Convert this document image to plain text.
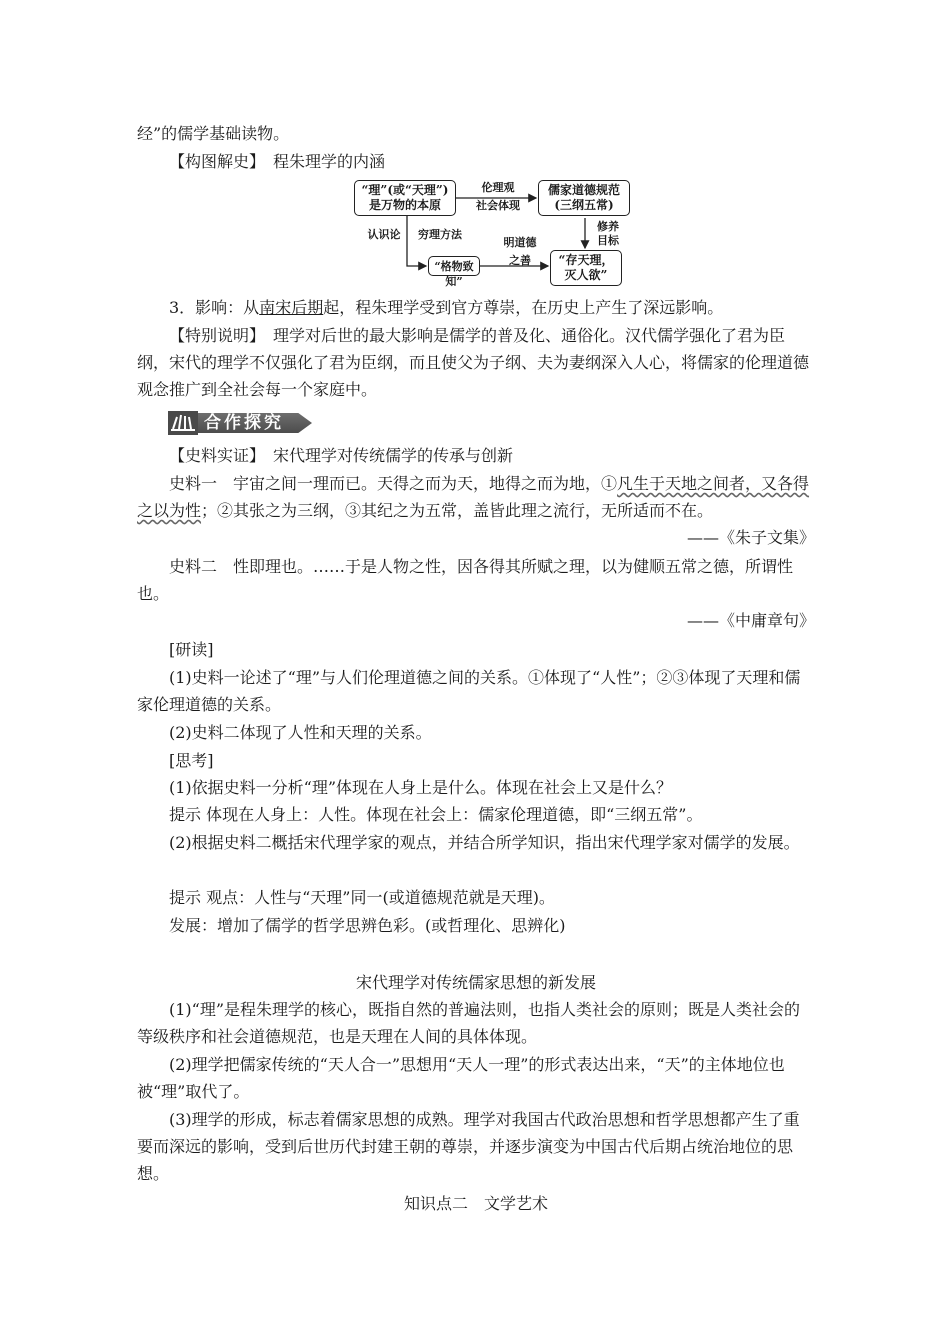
经”的儒学基础读物。

【构图解史】　程朱理学的内涵

“理”(或“天理”)
是万物的本原
儒家道德规范
(三纲五常)
“格物致知”
“存天理，
灭人欲”
伦理观
社会体现
认识论	穷理方法
明道德
之善
修养
目标

3．影响：从南宋后期起，程朱理学受到官方尊崇，在历史上产生了深远影响。

【特别说明】　理学对后世的最大影响是儒学的普及化、通俗化。汉代儒学强化了君为臣纲，宋代的理学不仅强化了君为臣纲，而且使父为子纲、夫为妻纲深入人心，将儒家的伦理道德观念推广到全社会每一个家庭中。

合作探究

【史料实证】　宋代理学对传统儒学的传承与创新

史料一　宇宙之间一理而已。天得之而为天，地得之而为地，①凡生于天地之间者，又各得之以为性；②其张之为三纲，③其纪之为五常，盖皆此理之流行，无所适而不在。

——《朱子文集》

史料二　性即理也。……于是人物之性，因各得其所赋之理，以为健顺五常之德，所谓性也。

——《中庸章句》

[研读]

(1)史料一论述了“理”与人们伦理道德之间的关系。①体现了“人性”；②③体现了天理和儒家伦理道德的关系。

(2)史料二体现了人性和天理的关系。

[思考]

(1)依据史料一分析“理”体现在人身上是什么。体现在社会上又是什么？

提示 体现在人身上：人性。体现在社会上：儒家伦理道德，即“三纲五常”。

(2)根据史料二概括宋代理学家的观点，并结合所学知识，指出宋代理学家对儒学的发展。

提示 观点：人性与“天理”同一(或道德规范就是天理)。

发展：增加了儒学的哲学思辨色彩。(或哲理化、思辨化)

宋代理学对传统儒家思想的新发展

(1)“理”是程朱理学的核心，既指自然的普遍法则，也指人类社会的原则；既是人类社会的等级秩序和社会道德规范，也是天理在人间的具体体现。

(2)理学把儒家传统的“天人合一”思想用“天人一理”的形式表达出来，“天”的主体地位也被“理”取代了。

(3)理学的形成，标志着儒家思想的成熟。理学对我国古代政治思想和哲学思想都产生了重要而深远的影响，受到后世历代封建王朝的尊崇，并逐步演变为中国古代后期占统治地位的思想。

知识点二　文学艺术
